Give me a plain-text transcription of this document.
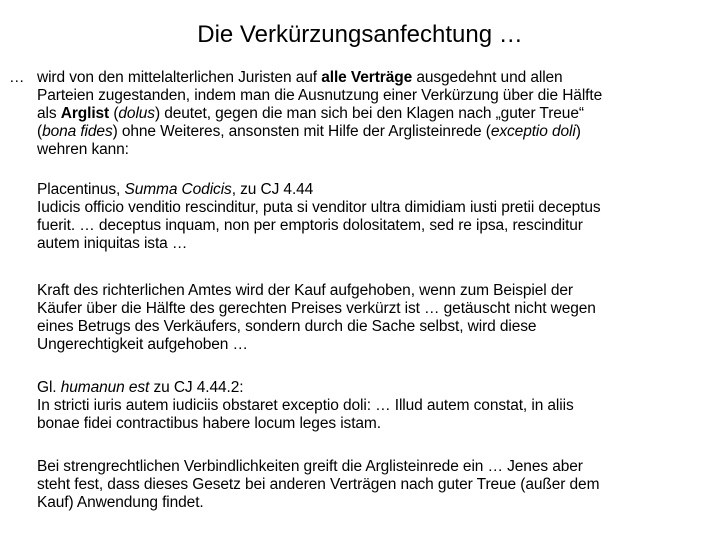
Die Verkürzungsanfechtung …
… wird von den mittelalterlichen Juristen auf alle Verträge ausgedehnt und allen
Parteien zugestanden, indem man die Ausnutzung einer Verkürzung über die Hälfte
als Arglist (dolus) deutet, gegen die man sich bei den Klagen nach „guter Treue“
(bona fides) ohne Weiteres, ansonsten mit Hilfe der Arglisteinrede (exceptio doli)
wehren kann:
Placentinus, Summa Codicis, zu CJ 4.44
Iudicis officio venditio rescinditur, puta si venditor ultra dimidiam iusti pretii deceptus
fuerit. … deceptus inquam, non per emptoris dolositatem, sed re ipsa, rescinditur
autem iniquitas ista …
Kraft des richterlichen Amtes wird der Kauf aufgehoben, wenn zum Beispiel der
Käufer über die Hälfte des gerechten Preises verkürzt ist … getäuscht nicht wegen
eines Betrugs des Verkäufers, sondern durch die Sache selbst, wird diese
Ungerechtigkeit aufgehoben …
Gl. humanun est zu CJ 4.44.2:
In stricti iuris autem iudiciis obstaret exceptio doli: … Illud autem constat, in aliis
bonae fidei contractibus habere locum leges istam.
Bei strengrechtlichen Verbindlichkeiten greift die Arglisteinrede ein … Jenes aber
steht fest, dass dieses Gesetz bei anderen Verträgen nach guter Treue (außer dem
Kauf) Anwendung findet.
